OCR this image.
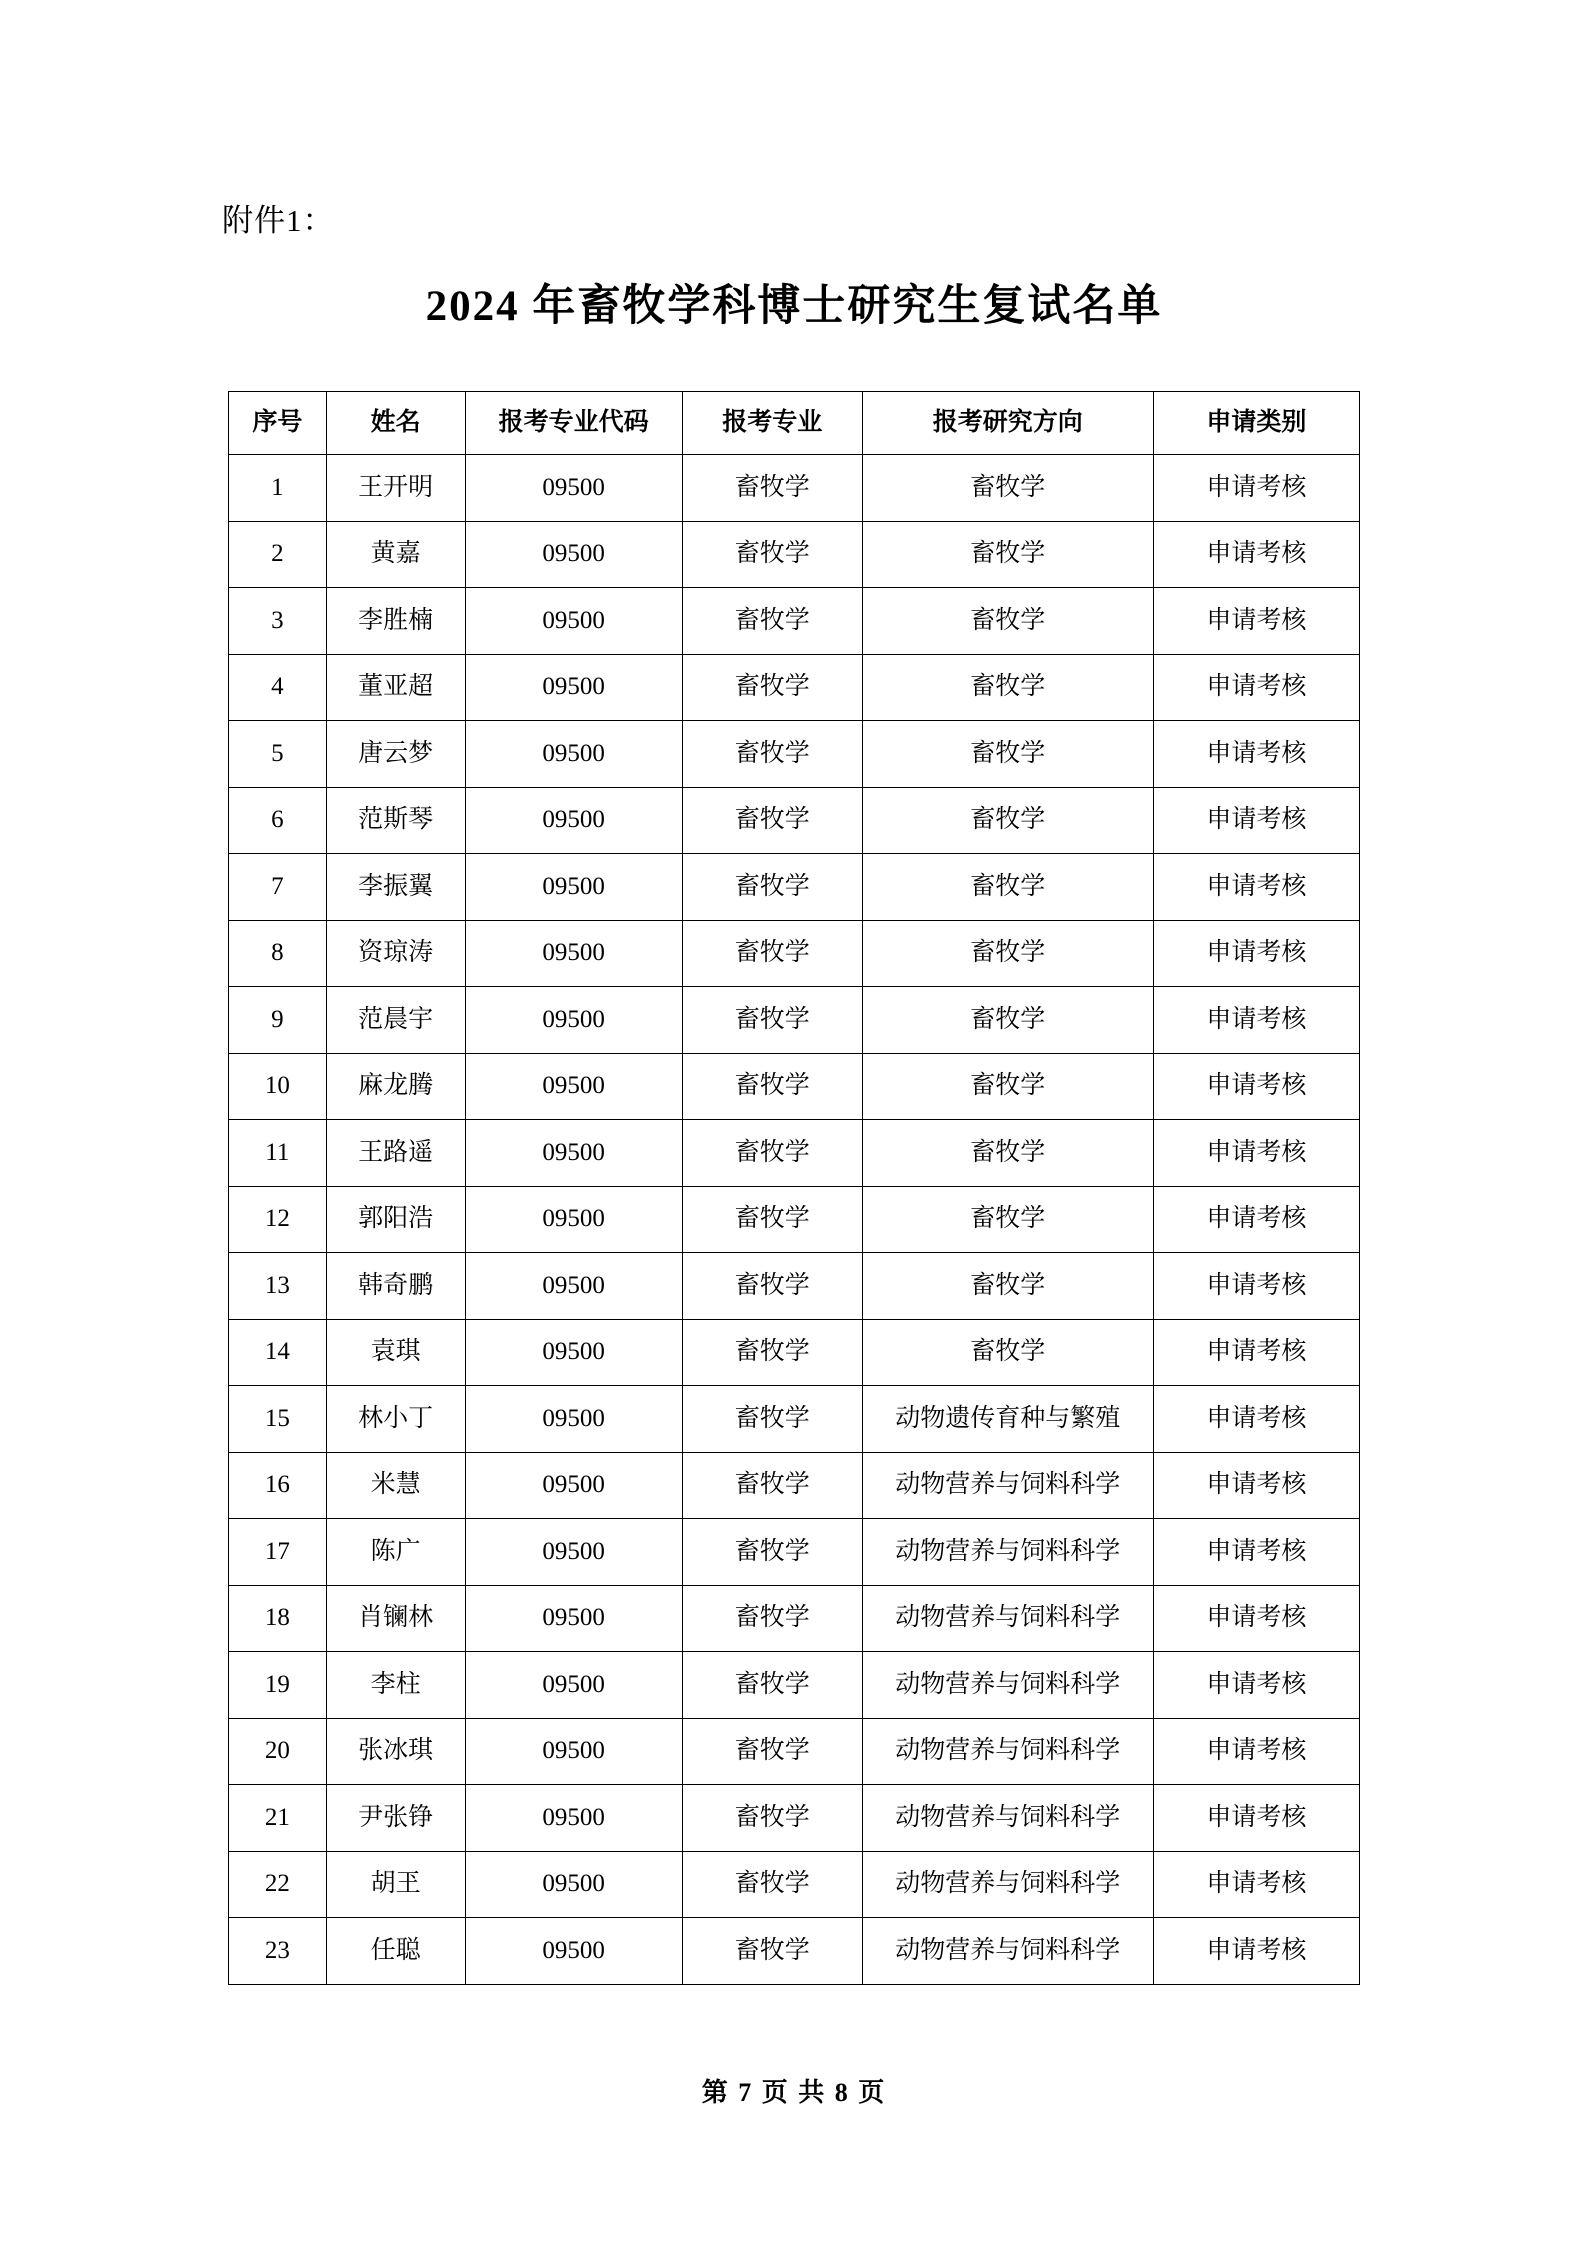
附件1：
2024 年畜牧学科博士研究生复试名单
序号	姓名	报考专业代码	报考专业	报考研究方向	申请类别
1	王开明	09500	畜牧学	畜牧学	申请考核
2	黄嘉	09500	畜牧学	畜牧学	申请考核
3	李胜楠	09500	畜牧学	畜牧学	申请考核
4	董亚超	09500	畜牧学	畜牧学	申请考核
5	唐云梦	09500	畜牧学	畜牧学	申请考核
6	范斯琴	09500	畜牧学	畜牧学	申请考核
7	李振翼	09500	畜牧学	畜牧学	申请考核
8	资琼涛	09500	畜牧学	畜牧学	申请考核
9	范晨宇	09500	畜牧学	畜牧学	申请考核
10	麻龙腾	09500	畜牧学	畜牧学	申请考核
11	王路遥	09500	畜牧学	畜牧学	申请考核
12	郭阳浩	09500	畜牧学	畜牧学	申请考核
13	韩奇鹏	09500	畜牧学	畜牧学	申请考核
14	袁琪	09500	畜牧学	畜牧学	申请考核
15	林小丁	09500	畜牧学	动物遗传育种与繁殖	申请考核
16	米慧	09500	畜牧学	动物营养与饲料科学	申请考核
17	陈广	09500	畜牧学	动物营养与饲料科学	申请考核
18	肖镧林	09500	畜牧学	动物营养与饲料科学	申请考核
19	李柱	09500	畜牧学	动物营养与饲料科学	申请考核
20	张冰琪	09500	畜牧学	动物营养与饲料科学	申请考核
21	尹张铮	09500	畜牧学	动物营养与饲料科学	申请考核
22	胡玊	09500	畜牧学	动物营养与饲料科学	申请考核
23	任聪	09500	畜牧学	动物营养与饲料科学	申请考核
第 7 页 共 8 页
